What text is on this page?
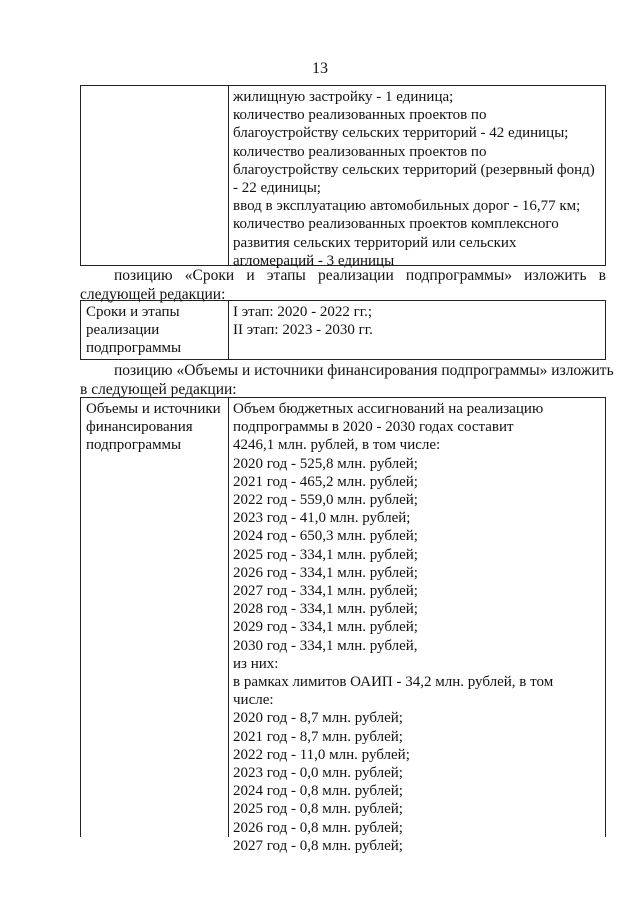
13
жилищную застройку - 1 единица;
количество реализованных проектов по
благоустройству сельских территорий - 42 единицы;
количество реализованных проектов по
благоустройству сельских территорий (резервный фонд)
- 22 единицы;
ввод в эксплуатацию автомобильных дорог - 16,77 км;
количество реализованных проектов комплексного
развития сельских территорий или сельских
агломераций - 3 единицы
позицию «Сроки и этапы реализации подпрограммы» изложить в
следующей редакции:
Сроки и этапы
реализации
подпрограммы
I этап: 2020 - 2022 гг.;
II этап: 2023 - 2030 гг.
позицию «Объемы и источники финансирования подпрограммы» изложить
в следующей редакции:
Объемы и источники
финансирования
подпрограммы
Объем бюджетных ассигнований на реализацию
подпрограммы в 2020 - 2030 годах составит
4246,1 млн. рублей, в том числе:
2020 год - 525,8 млн. рублей;
2021 год - 465,2 млн. рублей;
2022 год - 559,0 млн. рублей;
2023 год - 41,0 млн. рублей;
2024 год - 650,3 млн. рублей;
2025 год - 334,1 млн. рублей;
2026 год - 334,1 млн. рублей;
2027 год - 334,1 млн. рублей;
2028 год - 334,1 млн. рублей;
2029 год - 334,1 млн. рублей;
2030 год - 334,1 млн. рублей,
из них:
в рамках лимитов ОАИП - 34,2 млн. рублей, в том
числе:
2020 год - 8,7 млн. рублей;
2021 год - 8,7 млн. рублей;
2022 год - 11,0 млн. рублей;
2023 год - 0,0 млн. рублей;
2024 год - 0,8 млн. рублей;
2025 год - 0,8 млн. рублей;
2026 год - 0,8 млн. рублей;
2027 год - 0,8 млн. рублей;
